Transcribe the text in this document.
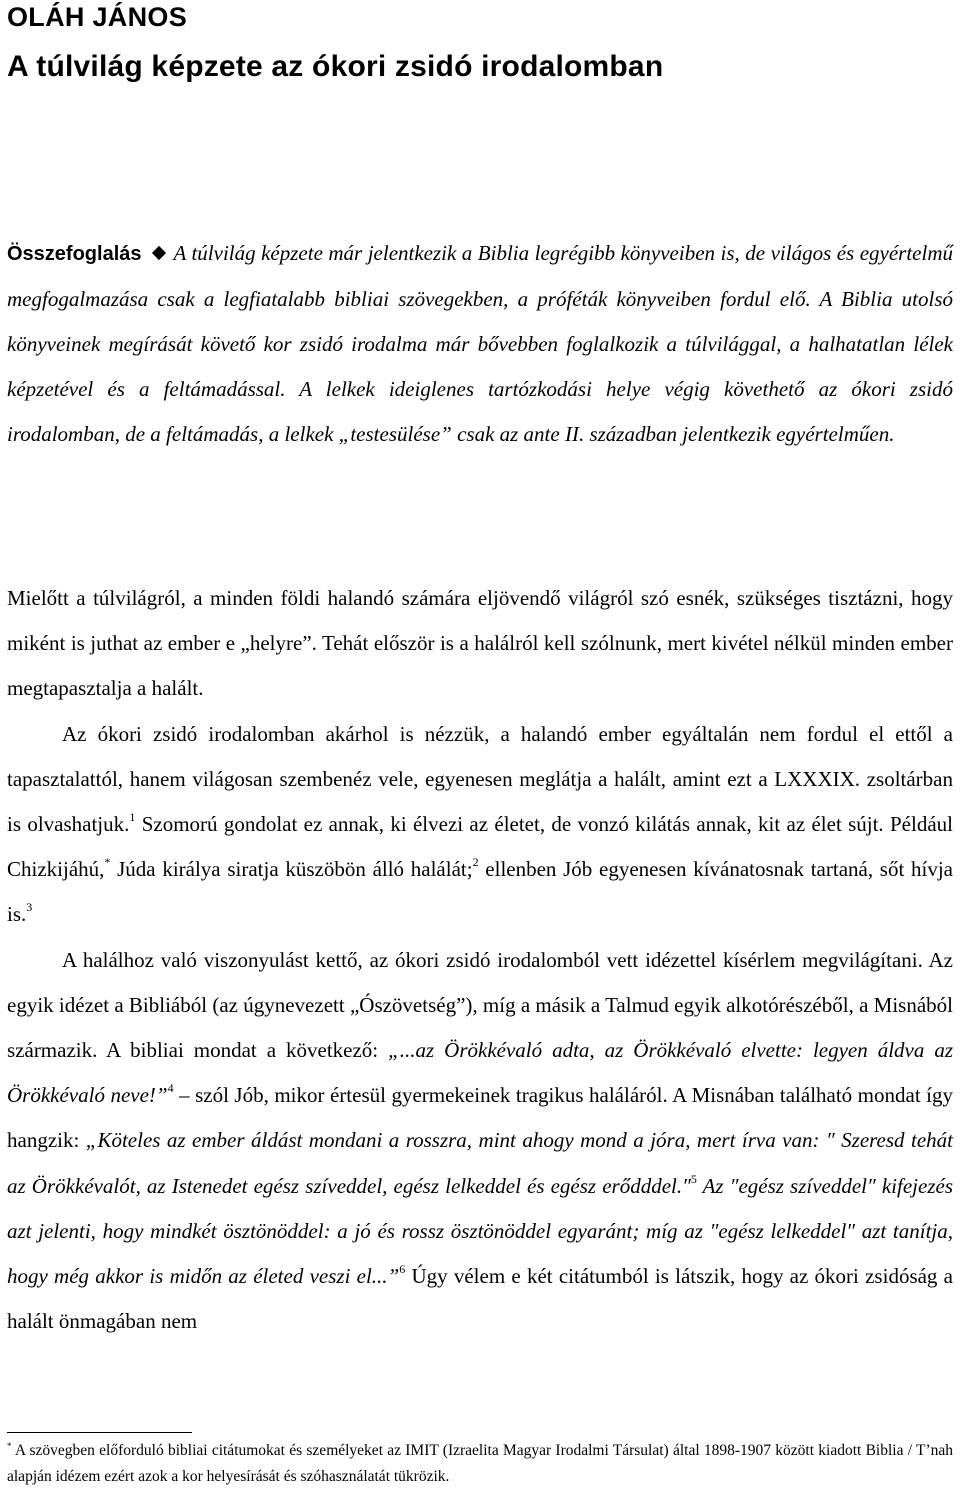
OLÁH JÁNOS
A túlvilág képzete az ókori zsidó irodalomban
Összefoglalás A túlvilág képzete már jelentkezik a Biblia legrégibb könyveiben is, de világos és egyértelmű megfogalmazása csak a legfiatalabb bibliai szövegekben, a próféták könyveiben fordul elő. A Biblia utolsó könyveinek megírását követő kor zsidó irodalma már bővebben foglalkozik a túlvilággal, a halhatatlan lélek képzetével és a feltámadással. A lelkek ideiglenes tartózkodási helye végig követhető az ókori zsidó irodalomban, de a feltámadás, a lelkek „testesülése” csak az ante II. században jelentkezik egyértelműen.

Mielőtt a túlvilágról, a minden földi halandó számára eljövendő világról szó esnék, szükséges tisztázni, hogy miként is juthat az ember e „helyre”. Tehát először is a halálról kell szólnunk, mert kivétel nélkül minden ember megtapasztalja a halált.

Az ókori zsidó irodalomban akárhol is nézzük, a halandó ember egyáltalán nem fordul el ettől a tapasztalattól, hanem világosan szembenéz vele, egyenesen meglátja a halált, amint ezt a LXXXIX. zsoltárban is olvashatjuk.$^1$ Szomorú gondolat ez annak, ki élvezi az életet, de vonzó kilátás annak, kit az élet sújt. Például Chizkijáhú,* Júda királya siratja küszöbön álló halálát;$^2$ ellenben Jób egyenesen kívánatosnak tartaná, sőt hívja is.$^3$

A halálhoz való viszonyulást kettő, az ókori zsidó irodalomból vett idézettel kísérlem megvilágítani. Az egyik idézet a Bibliából (az úgynevezett „Ószövetség”), míg a másik a Talmud egyik alkotórészéből, a Misnából származik. A bibliai mondat a következő: „...az Örökkévaló adta, az Örökkévaló elvette: legyen áldva az Örökkévaló neve!”$^4$ – szól Jób, mikor értesül gyermekeinek tragikus haláláról. A Misnában található mondat így hangzik: „Köteles az ember áldást mondani a rosszra, mint ahogy mond a jóra, mert írva van: ″ Szeresd tehát az Örökkévalót, az Istenedet egész szíveddel, egész lelkeddel és egész erődddel.″$^5$ Az ″egész szíveddel″ kifejezés azt jelenti, hogy mindkét ösztönöddel: a jó és rossz ösztönöddel egyaránt; míg az ″egész lelkeddel″ azt tanítja, hogy még akkor is midőn az életed veszi el...”$^6$ Úgy vélem e két citátumból is látszik, hogy az ókori zsidóság a halált önmagában nem

* A szövegben előforduló bibliai citátumokat és személyeket az IMIT (Izraelita Magyar Irodalmi Társulat) által 1898-1907 között kiadott Biblia / T’nah alapján idézem ezért azok a kor helyesírását és szóhasználatát tükrözik.
